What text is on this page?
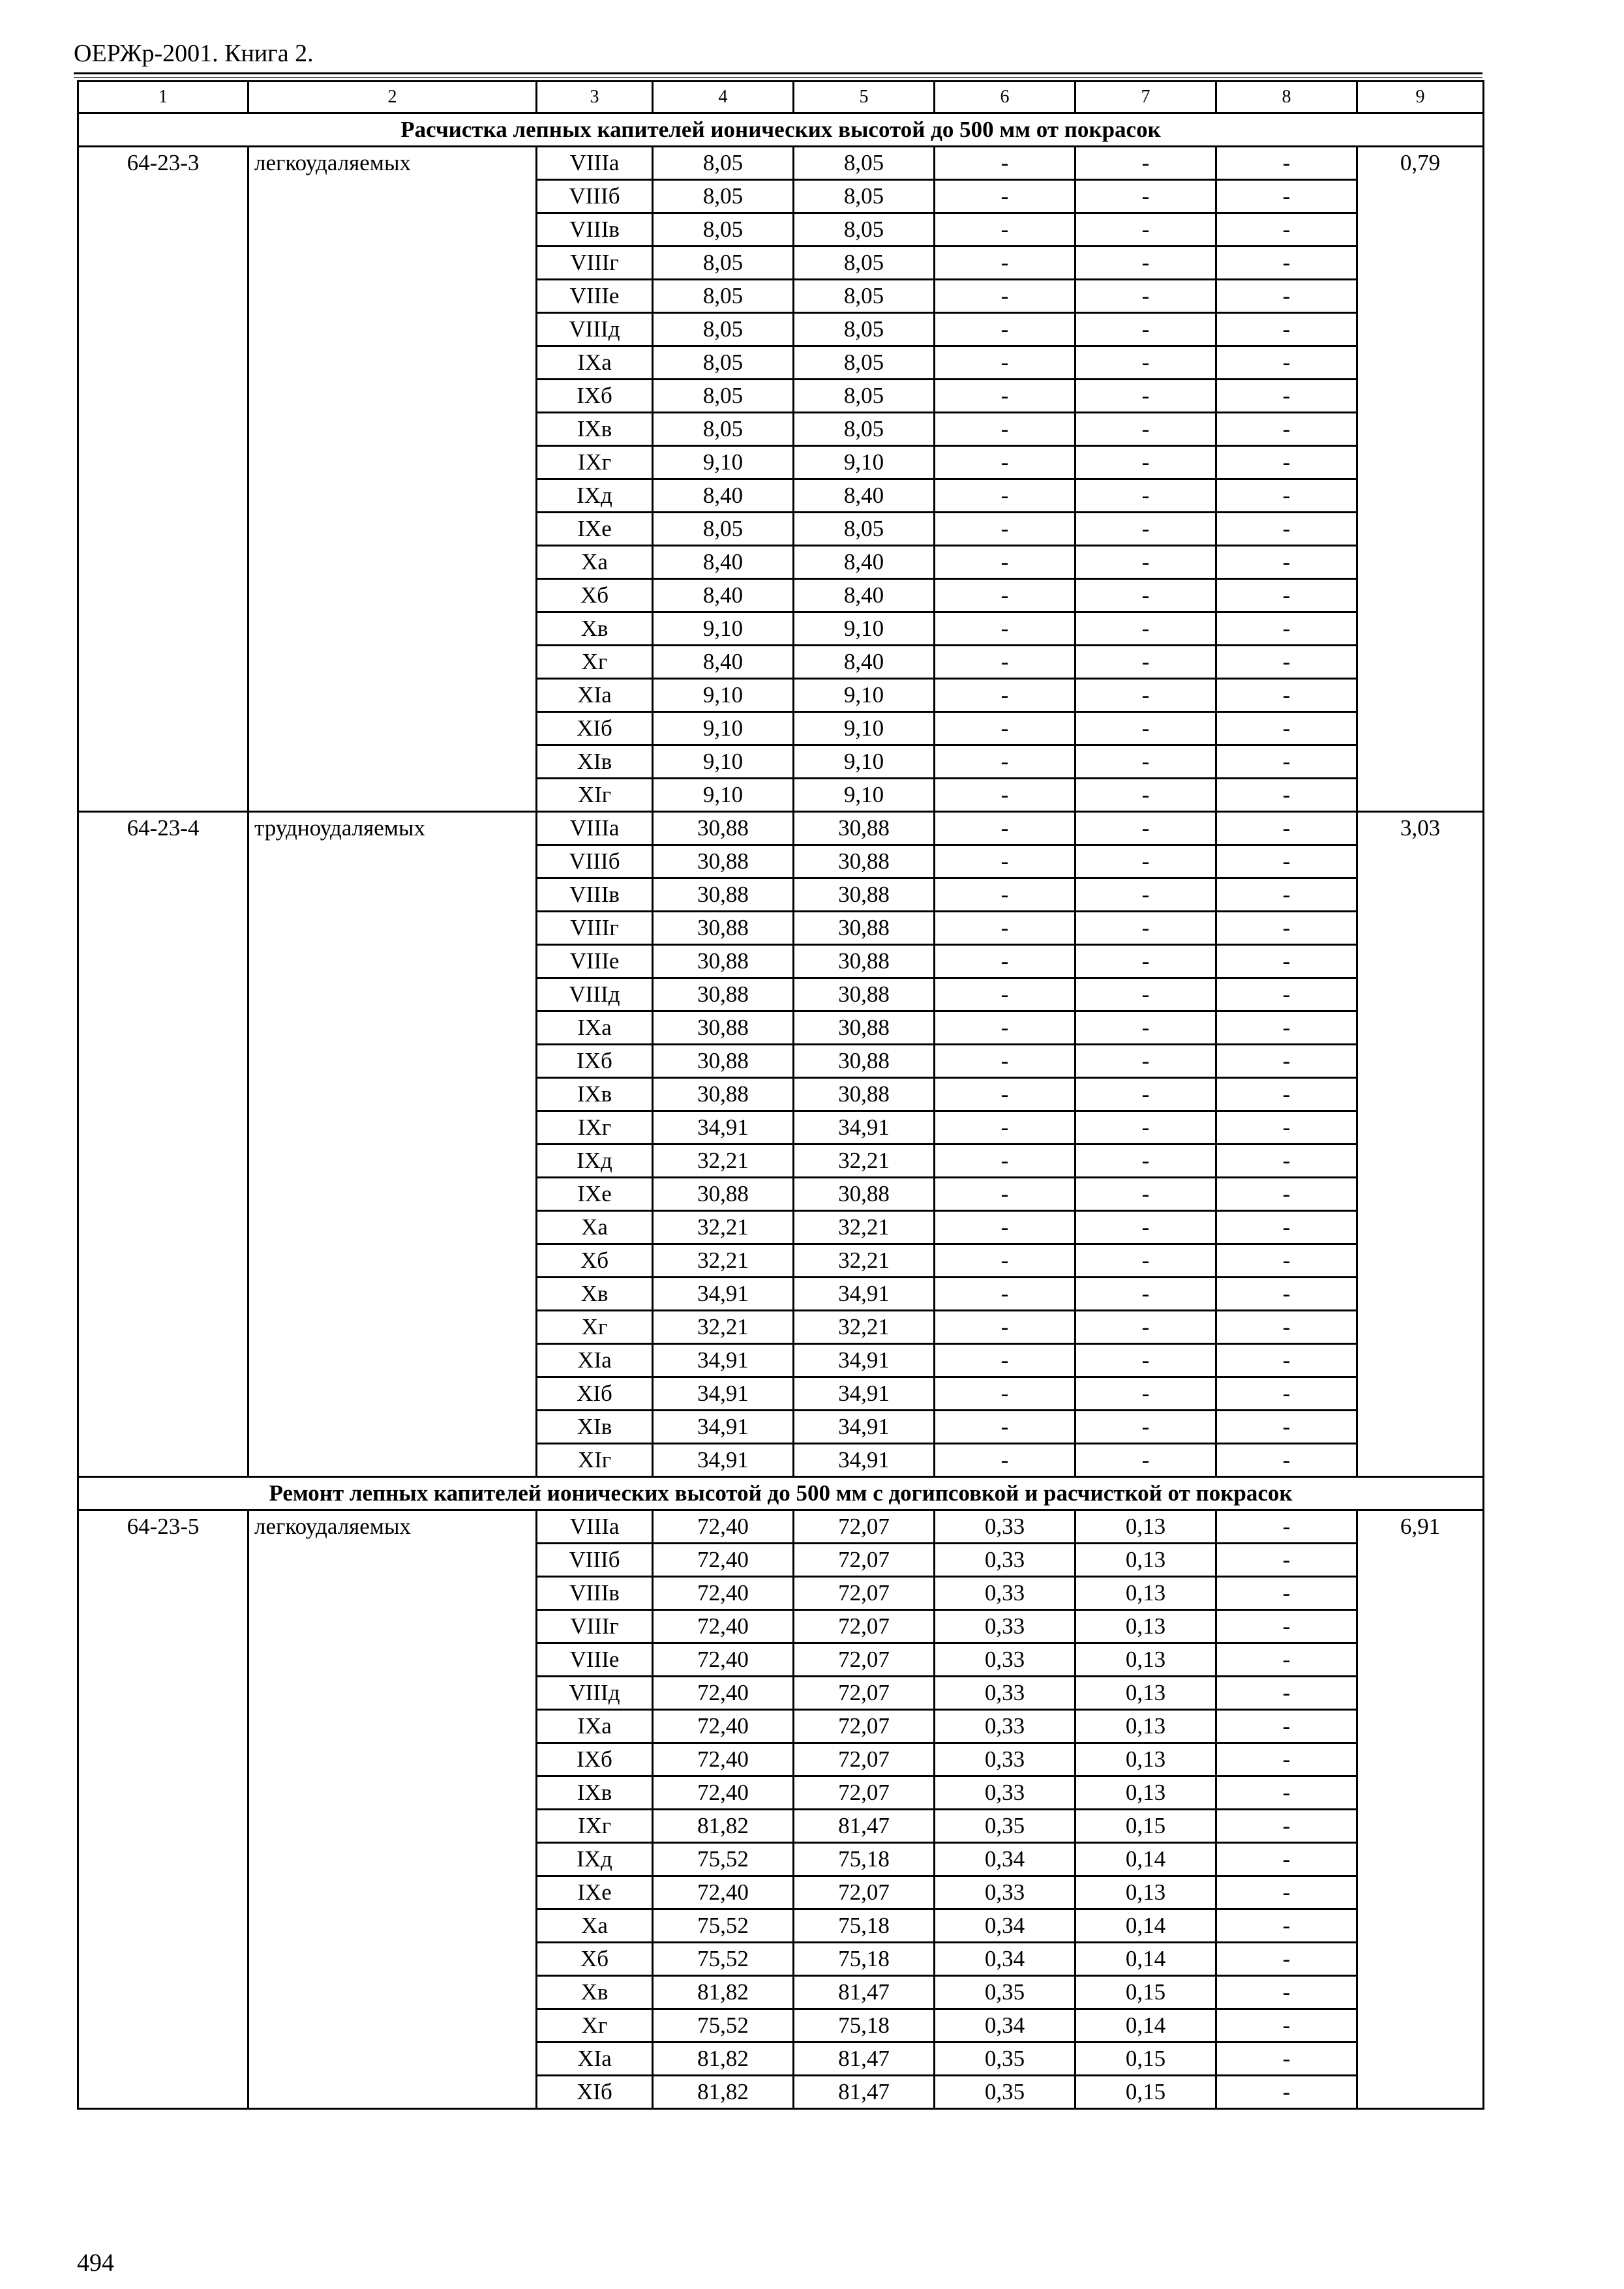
ОЕРЖр-2001. Книга 2.
1	2	3	4	5	6	7	8	9
Расчистка лепных капителей ионических высотой до 500 мм от покрасок								
64-23-3	легкоудаляемых	VIIIa	8,05	8,05	-	-	-	0,79
		VIIIб	8,05	8,05	-	-	-	
		VIIIв	8,05	8,05	-	-	-	
		VIIIг	8,05	8,05	-	-	-	
		VIIIe	8,05	8,05	-	-	-	
		VIIIд	8,05	8,05	-	-	-	
		IXa	8,05	8,05	-	-	-	
		IXб	8,05	8,05	-	-	-	
		IXв	8,05	8,05	-	-	-	
		IXг	9,10	9,10	-	-	-	
		IXд	8,40	8,40	-	-	-	
		IXe	8,05	8,05	-	-	-	
		Xa	8,40	8,40	-	-	-	
		Xб	8,40	8,40	-	-	-	
		Xв	9,10	9,10	-	-	-	
		Xг	8,40	8,40	-	-	-	
		XIa	9,10	9,10	-	-	-	
		XIб	9,10	9,10	-	-	-	
		XIв	9,10	9,10	-	-	-	
		XIг	9,10	9,10	-	-	-	
64-23-4	трудноудаляемых	VIIIa	30,88	30,88	-	-	-	3,03
		VIIIб	30,88	30,88	-	-	-	
		VIIIв	30,88	30,88	-	-	-	
		VIIIг	30,88	30,88	-	-	-	
		VIIIe	30,88	30,88	-	-	-	
		VIIIд	30,88	30,88	-	-	-	
		IXa	30,88	30,88	-	-	-	
		IXб	30,88	30,88	-	-	-	
		IXв	30,88	30,88	-	-	-	
		IXг	34,91	34,91	-	-	-	
		IXд	32,21	32,21	-	-	-	
		IXe	30,88	30,88	-	-	-	
		Xa	32,21	32,21	-	-	-	
		Xб	32,21	32,21	-	-	-	
		Xв	34,91	34,91	-	-	-	
		Xг	32,21	32,21	-	-	-	
		XIa	34,91	34,91	-	-	-	
		XIб	34,91	34,91	-	-	-	
		XIв	34,91	34,91	-	-	-	
		XIг	34,91	34,91	-	-	-	
Ремонт лепных капителей ионических высотой до 500 мм с догипсовкой и расчисткой от покрасок								
64-23-5	легкоудаляемых	VIIIa	72,40	72,07	0,33	0,13	-	6,91
		VIIIб	72,40	72,07	0,33	0,13	-	
		VIIIв	72,40	72,07	0,33	0,13	-	
		VIIIг	72,40	72,07	0,33	0,13	-	
		VIIIe	72,40	72,07	0,33	0,13	-	
		VIIIд	72,40	72,07	0,33	0,13	-	
		IXa	72,40	72,07	0,33	0,13	-	
		IXб	72,40	72,07	0,33	0,13	-	
		IXв	72,40	72,07	0,33	0,13	-	
		IXг	81,82	81,47	0,35	0,15	-	
		IXд	75,52	75,18	0,34	0,14	-	
		IXe	72,40	72,07	0,33	0,13	-	
		Xa	75,52	75,18	0,34	0,14	-	
		Xб	75,52	75,18	0,34	0,14	-	
		Xв	81,82	81,47	0,35	0,15	-	
		Xг	75,52	75,18	0,34	0,14	-	
		XIa	81,82	81,47	0,35	0,15	-	
		XIб	81,82	81,47	0,35	0,15	-	
494
